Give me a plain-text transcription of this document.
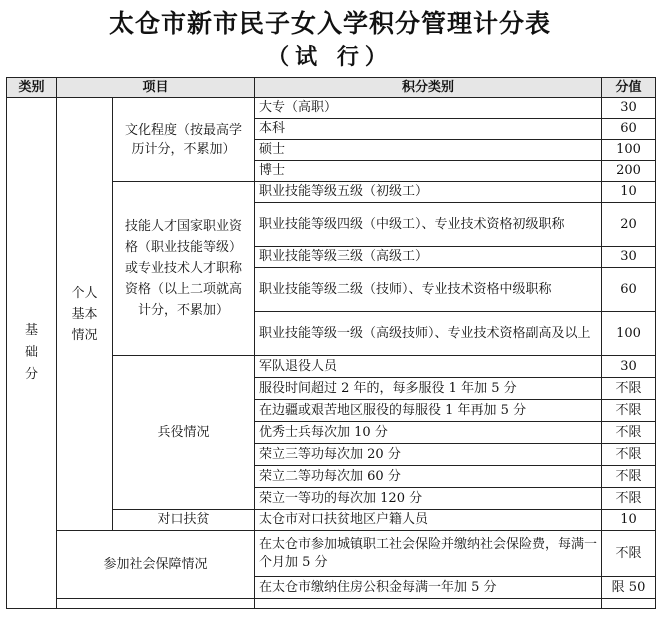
太仓市新市民子女入学积分管理计分表
（试 行）
类别	项目		积分类别	分值

基础分	个人基本情况	文化程度（按最高学历计分，不累加）	大专（高职）	30
			本科	60
			硕士	100
			博士	200
		技能人才国家职业资格（职业技能等级）或专业技术人才职称资格（以上二项就高计分，不累加）	职业技能等级五级（初级工）	10
			职业技能等级四级（中级工）、专业技术资格初级职称	20
			职业技能等级三级（高级工）	30
			职业技能等级二级（技师）、专业技术资格中级职称	60
			职业技能等级一级（高级技师）、专业技术资格副高及以上	100
		兵役情况	军队退役人员	30
			服役时间超过 2 年的，每多服役 1 年加 5 分	不限
			在边疆或艰苦地区服役的每服役 1 年再加 5 分	不限
			优秀士兵每次加 10 分	不限
			荣立三等功每次加 20 分	不限
			荣立二等功每次加 60 分	不限
			荣立一等功的每次加 120 分	不限
		对口扶贫	太仓市对口扶贫地区户籍人员	10
	参加社会保障情况		在太仓市参加城镇职工社会保险并缴纳社会保险费，每满一个月加 5 分	不限
			在太仓市缴纳住房公积金每满一年加 5 分	限 50
